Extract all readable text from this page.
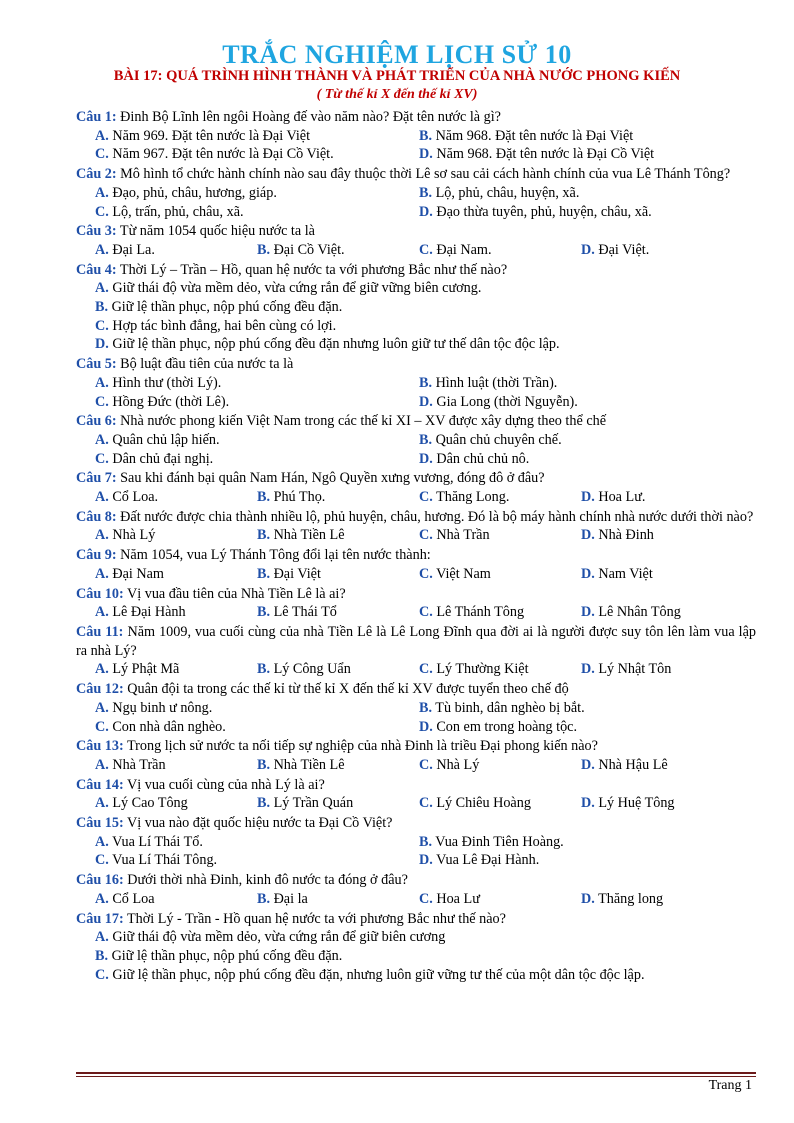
TRẮC NGHIỆM LỊCH SỬ 10
BÀI 17: QUÁ TRÌNH HÌNH THÀNH VÀ PHÁT TRIỂN CỦA NHÀ NƯỚC PHONG KIẾN
( Từ thế kỉ X đến thế kỉ XV)
Câu 1: Đinh Bộ Lĩnh lên ngôi Hoàng đế vào năm nào? Đặt tên nước là gì?
A. Năm 969. Đặt tên nước là Đại Việt	B. Năm 968. Đặt tên nước là Đại Việt
C. Năm 967. Đặt tên nước là Đại Cồ Việt.	D. Năm 968. Đặt tên nước là Đại Cồ Việt
Câu 2: Mô hình tổ chức hành chính nào sau đây thuộc thời Lê sơ sau cải cách hành chính của vua Lê Thánh Tông?
A. Đạo, phủ, châu, hương, giáp.	B. Lộ, phủ, châu, huyện, xã.
C. Lộ, trấn, phủ, châu, xã.	D. Đạo thừa tuyên, phủ, huyện, châu, xã.
Câu 3: Từ năm 1054 quốc hiệu nước ta là
A. Đại La.	B. Đại Cồ Việt.	C. Đại Nam.	D. Đại Việt.
Câu 4: Thời Lý – Trần – Hồ, quan hệ nước ta với phương Bắc như thế nào?
A. Giữ thái độ vừa mềm dẻo, vừa cứng rắn để giữ vững biên cương.
B. Giữ lệ thần phục, nộp phú cống đều đặn.
C. Hợp tác bình đẳng, hai bên cùng có lợi.
D. Giữ lệ thần phục, nộp phú cống đều đặn nhưng luôn giữ tư thế dân tộc độc lập.
Câu 5: Bộ luật đầu tiên của nước ta là
A. Hình thư (thời Lý).	B. Hình luật (thời Trần).
C. Hồng Đức (thời Lê).	D. Gia Long (thời Nguyễn).
Câu 6: Nhà nước phong kiến Việt Nam trong các thế kỉ XI – XV được xây dựng theo thể chế
A. Quân chủ lập hiến.	B. Quân chủ chuyên chế.
C. Dân chủ đại nghị.	D. Dân chủ chủ nô.
Câu 7: Sau khi đánh bại quân Nam Hán, Ngô Quyền xưng vương, đóng đô ở đâu?
A. Cổ Loa.	B. Phú Thọ.	C. Thăng Long.	D. Hoa Lư.
Câu 8: Đất nước được chia thành nhiều lộ, phủ huyện, châu, hương. Đó là bộ máy hành chính nhà nước dưới thời nào?
A. Nhà Lý	B. Nhà Tiền Lê	C. Nhà Trần	D. Nhà Đinh
Câu 9: Năm 1054, vua Lý Thánh Tông đổi lại tên nước thành:
A. Đại Nam	B. Đại Việt	C. Việt Nam	D. Nam Việt
Câu 10: Vị vua đầu tiên của Nhà Tiền Lê là ai?
A. Lê Đại Hành	B. Lê Thái Tổ	C. Lê Thánh Tông	D. Lê Nhân Tông
Câu 11: Năm 1009, vua cuối cùng của nhà Tiền Lê là Lê Long Đĩnh qua đời ai là người được suy tôn lên làm vua lập ra nhà Lý?
A. Lý Phật Mã	B. Lý Công Uẩn	C. Lý Thường Kiệt	D. Lý Nhật Tôn
Câu 12: Quân đội ta trong các thế kỉ từ thế kỉ X đến thế kỉ XV được tuyển theo chế độ
A. Ngụ binh ư nông.	B. Tù binh, dân nghèo bị bắt.
C. Con nhà dân nghèo.	D. Con em trong hoàng tộc.
Câu 13: Trong lịch sử nước ta nối tiếp sự nghiệp của nhà Đinh là triều Đại phong kiến nào?
A. Nhà Trần	B. Nhà Tiền Lê	C. Nhà Lý	D. Nhà Hậu Lê
Câu 14: Vị vua cuối cùng của nhà Lý là ai?
A. Lý Cao Tông	B. Lý Trần Quán	C. Lý Chiêu Hoàng	D. Lý Huệ Tông
Câu 15: Vị vua nào đặt quốc hiệu nước ta Đại Cồ Việt?
A. Vua Lí Thái Tổ.	B. Vua Đinh Tiên Hoàng.
C. Vua Lí Thái Tông.	D. Vua Lê Đại Hành.
Câu 16: Dưới thời nhà Đinh, kinh đô nước ta đóng ở đâu?
A. Cổ Loa	B. Đại la	C. Hoa Lư	D. Thăng long
Câu 17: Thời Lý - Trần - Hồ quan hệ nước ta với phương Bắc như thế nào?
A. Giữ thái độ vừa mềm dẻo, vừa cứng rắn để giữ biên cương
B. Giữ lệ thần phục, nộp phú cống đều đặn.
C. Giữ lệ thần phục, nộp phú cống đều đặn, nhưng luôn giữ vững tư thế của một dân tộc độc lập.
Trang 1
